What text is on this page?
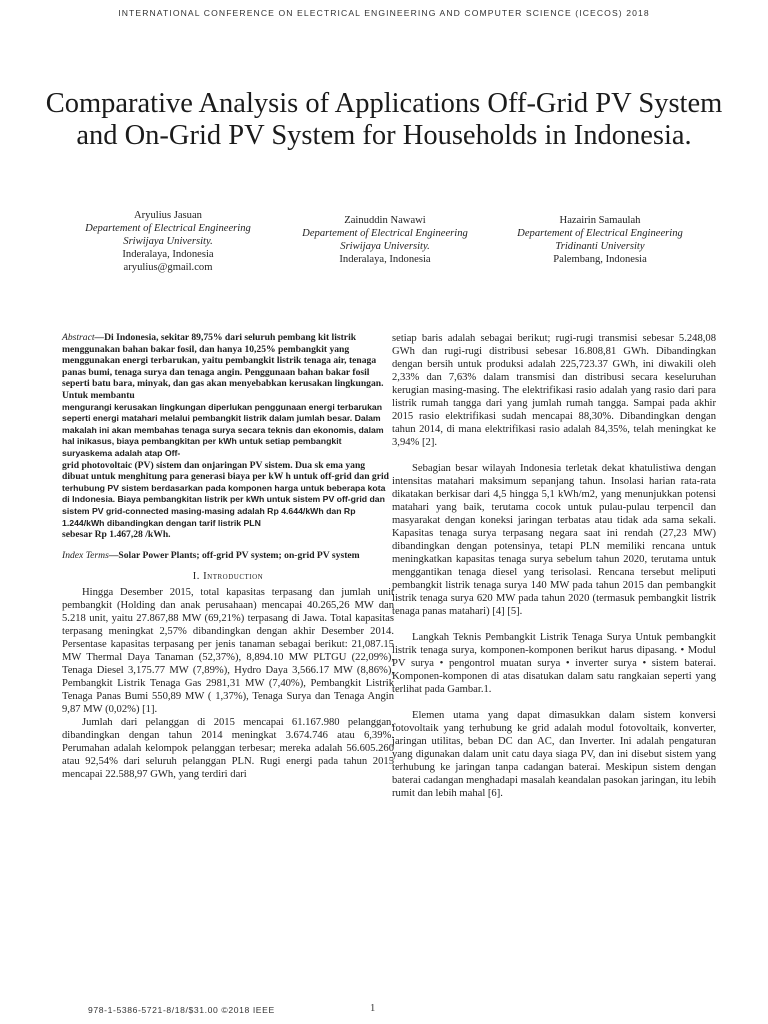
INTERNATIONAL CONFERENCE ON ELECTRICAL ENGINEERING AND COMPUTER SCIENCE (ICECOS) 2018
Comparative Analysis of Applications Off-Grid PV System and On-Grid PV System for Households in Indonesia.
Aryulius Jasuan
Departement of Electrical Engineering
Sriwijaya University.
Inderalaya, Indonesia
aryulius@gmail.com
Zainuddin Nawawi
Departement of Electrical Engineering
Sriwijaya University.
Inderalaya, Indonesia
Hazairin Samaulah
Departement of Electrical Engineering
Tridinanti University
Palembang, Indonesia

Abstract—Di Indonesia, sekitar 89,75% dari seluruh pembang kit listrik menggunakan bahan bakar fosil, dan hanya 10,25% pembangkit yang menggunakan energi terbarukan, yaitu pembangkit listrik tenaga air, tenaga panas bumi, tenaga surya dan tenaga angin. Penggunaan bahan bakar fosil seperti batu bara, minyak, dan gas akan menyebabkan kerusakan lingkungan. Untuk membantu
mengurangi kerusakan lingkungan diperlukan penggunaan energi terbarukan seperti energi matahari melalui pembangkit listrik dalam jumlah besar. Dalam makalah ini akan membahas tenaga surya secara teknis dan ekonomis, dalam hal inikasus, biaya pembangkitan per kWh untuk setiap pembangkit suryaskema adalah atap Off-
grid photovoltaic (PV) sistem dan onjaringan PV sistem. Dua sk ema yang dibuat untuk menghitung para generasi biaya per kW h untuk off-grid dan grid
terhubung PV sistem berdasarkan pada komponen harga untuk beberapa kota di Indonesia. Biaya pembangkitan listrik per kWh untuk sistem PV off-grid dan sistem PV grid-connected masing-masing adalah Rp 4.644/kWh dan Rp 1.244/kWh dibandingkan dengan tarif listrik PLN
sebesar Rp 1.467,28 /kWh.

Index Terms—Solar Power Plants; off-grid PV system; on-grid PV system

I. Introduction

Hingga Desember 2015, total kapasitas terpasang dan jumlah unit pembangkit (Holding dan anak perusahaan) mencapai 40.265,26 MW dan 5.218 unit, yaitu 27.867,88 MW (69,21%) terpasang di Jawa. Total kapasitas terpasang meningkat 2,57% dibandingkan dengan akhir Desember 2014. Persentase kapasitas terpasang per jenis tanaman sebagai berikut: 21,087.15 MW Thermal Daya Tanaman (52,37%), 8,894.10 MW PLTGU (22,09%), Tenaga Diesel 3,175.77 MW (7,89%), Hydro Daya 3,566.17 MW (8,86%), Pembangkit Listrik Tenaga Gas 2981,31 MW (7,40%), Pembangkit Listrik Tenaga Panas Bumi 550,89 MW ( 1,37%), Tenaga Surya dan Tenaga Angin 9,87 MW (0,02%) [1].

Jumlah dari pelanggan di 2015 mencapai 61.167.980 pelanggan, dibandingkan dengan tahun 2014 meningkat 3.674.746 atau 6,39%. Perumahan adalah kelompok pelanggan terbesar; mereka adalah 56.605.260 atau 92,54% dari seluruh pelanggan PLN. Rugi energi pada tahun 2015 mencapai 22.588,97 GWh, yang terdiri dari

setiap baris adalah sebagai berikut; rugi-rugi transmisi sebesar 5.248,08 GWh dan rugi-rugi distribusi sebesar 16.808,81 GWh. Dibandingkan dengan bersih untuk produksi adalah 225,723.37 GWh, ini diwakili oleh 2,33% dan 7,63% dalam transmisi dan distribusi secara keseluruhan kerugian masing-masing. The elektrifikasi rasio adalah yang rasio dari para listrik rumah tangga dari yang jumlah rumah tangga. Sampai pada akhir 2015 rasio elektrifikasi sudah mencapai 88,30%. Dibandingkan dengan tahun 2014, di mana elektrifikasi rasio adalah 84,35%, telah meningkat ke 3,94% [2].

Sebagian besar wilayah Indonesia terletak dekat khatulistiwa dengan intensitas matahari maksimum sepanjang tahun. Insolasi harian rata-rata dikatakan berkisar dari 4,5 hingga 5,1 kWh/m2, yang menunjukkan potensi matahari yang baik, terutama cocok untuk pulau-pulau terpencil dan masyarakat dengan koneksi jaringan terbatas atau tidak ada sama sekali. Kapasitas tenaga surya terpasang negara saat ini rendah (27,23 MW) dibandingkan dengan potensinya, tetapi PLN memiliki rencana untuk meningkatkan kapasitas tenaga surya sebelum tahun 2020, terutama untuk menggantikan tenaga diesel yang terisolasi. Rencana tersebut meliputi pembangkit listrik tenaga surya 140 MW pada tahun 2015 dan pembangkit listrik tenaga surya 620 MW pada tahun 2020 (termasuk pembangkit listrik tenaga panas matahari) [4] [5].

Langkah Teknis Pembangkit Listrik Tenaga Surya Untuk pembangkit listrik tenaga surya, komponen-komponen berikut harus dipasang. • Modul PV surya • pengontrol muatan surya • inverter surya • sistem baterai. Komponen-komponen di atas disatukan dalam satu rangkaian seperti yang terlihat pada Gambar.1.

Elemen utama yang dapat dimasukkan dalam sistem konversi fotovoltaik yang terhubung ke grid adalah modul fotovoltaik, konverter, jaringan utilitas, beban DC dan AC, dan Inverter. Ini adalah pengaturan yang digunakan dalam unit catu daya siaga PV, dan ini disebut sistem yang terhubung ke jaringan tanpa cadangan baterai. Meskipun sistem dengan baterai cadangan menghadapi masalah keandalan pasokan jaringan, itu lebih rumit dan lebih mahal [6].

978-1-5386-5721-8/18/$31.00 ©2018 IEEE	1
